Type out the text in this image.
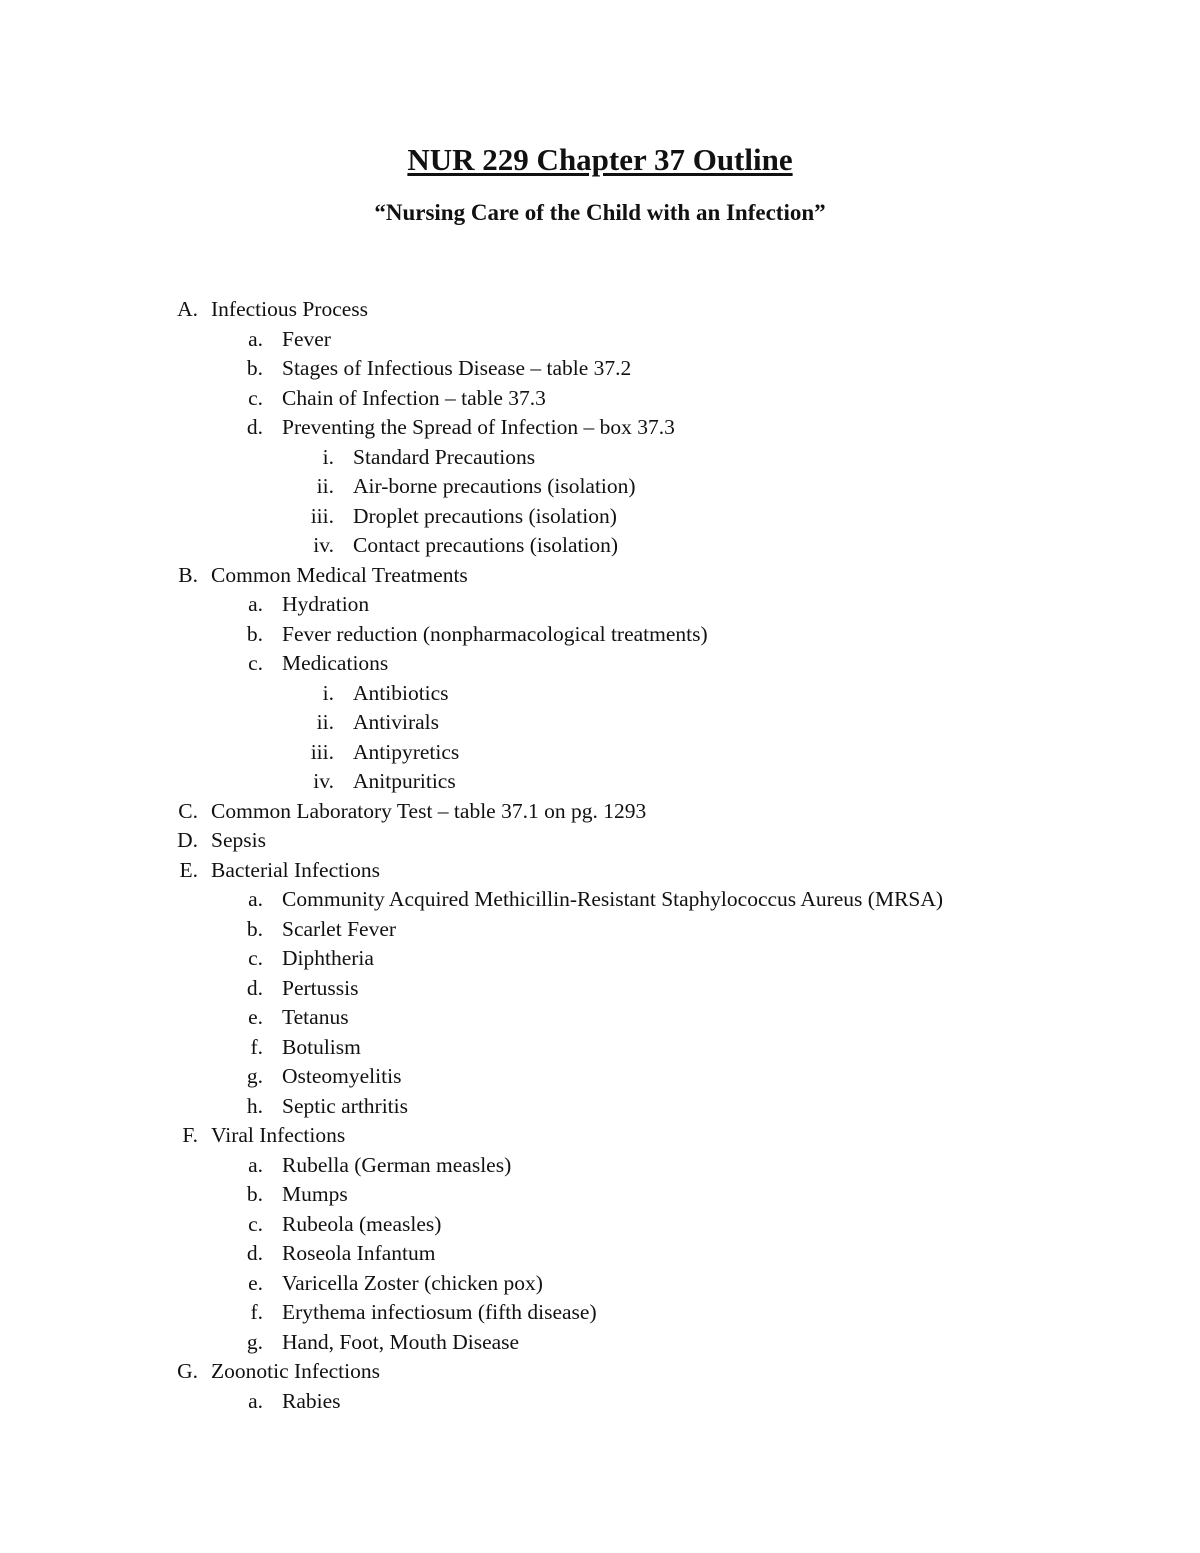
NUR 229 Chapter 37 Outline
“Nursing Care of the Child with an Infection”
A. Infectious Process
a. Fever
b. Stages of Infectious Disease – table 37.2
c. Chain of Infection – table 37.3
d. Preventing the Spread of Infection – box 37.3
i. Standard Precautions
ii. Air-borne precautions (isolation)
iii. Droplet precautions (isolation)
iv. Contact precautions (isolation)
B. Common Medical Treatments
a. Hydration
b. Fever reduction (nonpharmacological treatments)
c. Medications
i. Antibiotics
ii. Antivirals
iii. Antipyretics
iv. Anitpuritics
C. Common Laboratory Test – table 37.1 on pg. 1293
D. Sepsis
E. Bacterial Infections
a. Community Acquired Methicillin-Resistant Staphylococcus Aureus (MRSA)
b. Scarlet Fever
c. Diphtheria
d. Pertussis
e. Tetanus
f. Botulism
g. Osteomyelitis
h. Septic arthritis
F. Viral Infections
a. Rubella (German measles)
b. Mumps
c. Rubeola (measles)
d. Roseola Infantum
e. Varicella Zoster (chicken pox)
f. Erythema infectiosum (fifth disease)
g. Hand, Foot, Mouth Disease
G. Zoonotic Infections
a. Rabies
